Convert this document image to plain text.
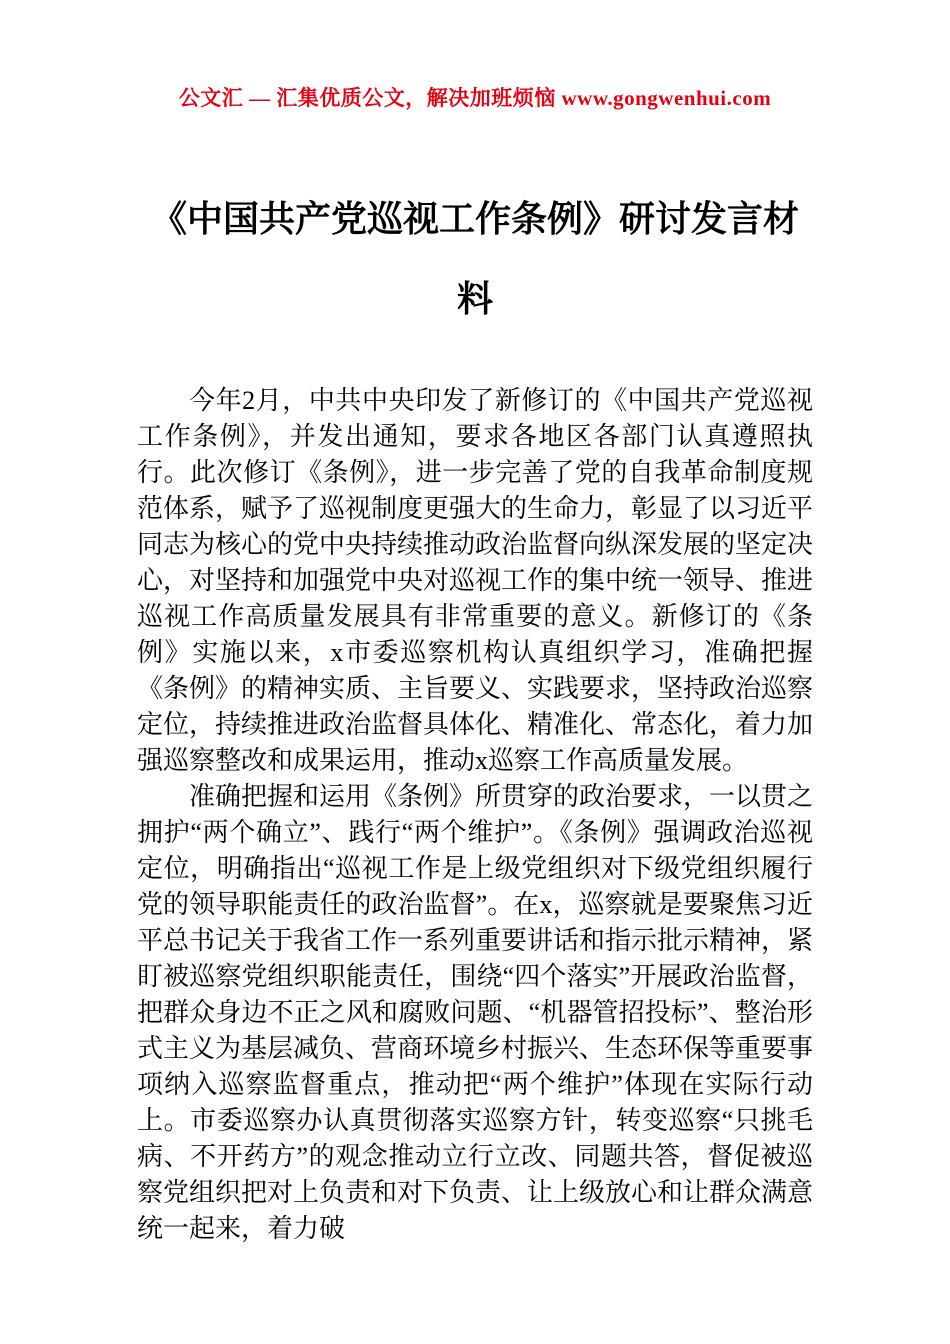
公文汇 — 汇集优质公文，解决加班烦恼 www.gongwenhui.com
《中国共产党巡视工作条例》研讨发言材料

今年2月，中共中央印发了新修订的《中国共产党巡视工作条例》，并发出通知，要求各地区各部门认真遵照执行。此次修订《条例》，进一步完善了党的自我革命制度规范体系，赋予了巡视制度更强大的生命力，彰显了以习近平同志为核心的党中央持续推动政治监督向纵深发展的坚定决心，对坚持和加强党中央对巡视工作的集中统一领导、推进巡视工作高质量发展具有非常重要的意义。新修订的《条例》实施以来，x市委巡察机构认真组织学习，准确把握《条例》的精神实质、主旨要义、实践要求，坚持政治巡察定位，持续推进政治监督具体化、精准化、常态化，着力加强巡察整改和成果运用，推动x巡察工作高质量发展。

准确把握和运用《条例》所贯穿的政治要求，一以贯之拥护“两个确立”、践行“两个维护”。《条例》强调政治巡视定位，明确指出“巡视工作是上级党组织对下级党组织履行党的领导职能责任的政治监督”。在x，巡察就是要聚焦习近平总书记关于我省工作一系列重要讲话和指示批示精神，紧盯被巡察党组织职能责任，围绕“四个落实”开展政治监督，把群众身边不正之风和腐败问题、“机器管招投标”、整治形式主义为基层减负、营商环境乡村振兴、生态环保等重要事项纳入巡察监督重点，推动把“两个维护”体现在实际行动上。市委巡察办认真贯彻落实巡察方针，转变巡察“只挑毛病、不开药方”的观念推动立行立改、同题共答，督促被巡察党组织把对上负责和对下负责、让上级放心和让群众满意统一起来，着力破
